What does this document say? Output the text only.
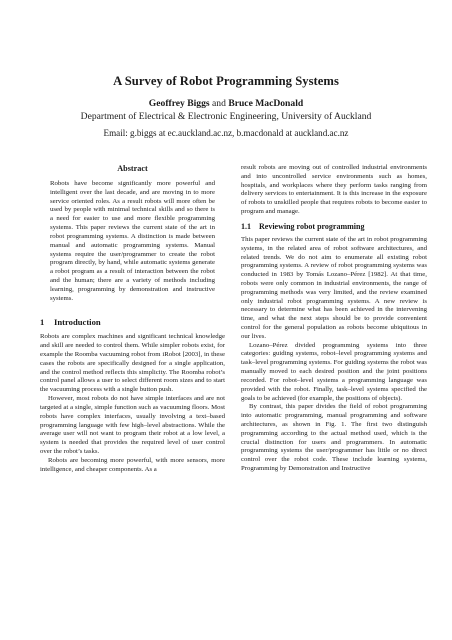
A Survey of Robot Programming Systems
Geoffrey Biggs and Bruce MacDonald
Department of Electrical & Electronic Engineering, University of Auckland
Email: g.biggs at ec.auckland.ac.nz, b.macdonald at auckland.ac.nz
Abstract

Robots have become significantly more powerful and intelligent over the last decade, and are moving in to more service oriented roles. As a result robots will more often be used by people with minimal technical skills and so there is a need for easier to use and more flexible programming systems. This paper reviews the current state of the art in robot programming systems. A distinction is made between manual and automatic programming systems. Manual systems require the user/programmer to create the robot program directly, by hand, while automatic systems generate a robot program as a result of interaction between the robot and the human; there are a variety of methods including learning, programming by demonstration and instructive systems.

1 Introduction

Robots are complex machines and significant technical knowledge and skill are needed to control them. While simpler robots exist, for example the Roomba vacuuming robot from iRobot [2003], in these cases the robots are specifically designed for a single application, and the control method reflects this simplicity. The Roomba robot’s control panel allows a user to select different room sizes and to start the vacuuming process with a single button push.

However, most robots do not have simple interfaces and are not targeted at a single, simple function such as vacuuming floors. Most robots have complex interfaces, usually involving a text–based programming language with few high–level abstractions. While the average user will not want to program their robot at a low level, a system is needed that provides the required level of user control over the robot’s tasks.

Robots are becoming more powerful, with more sensors, more intelligence, and cheaper components. As a

result robots are moving out of controlled industrial environments and into uncontrolled service environments such as homes, hospitals, and workplaces where they perform tasks ranging from delivery services to entertainment. It is this increase in the exposure of robots to unskilled people that requires robots to become easier to program and manage.

1.1 Reviewing robot programming

This paper reviews the current state of the art in robot programming systems, in the related area of robot software architectures, and related trends. We do not aim to enumerate all existing robot programming systems. A review of robot programming systems was conducted in 1983 by Tomás Lozano–Pérez [1982]. At that time, robots were only common in industrial environments, the range of programming methods was very limited, and the review examined only industrial robot programming systems. A new review is necessary to determine what has been achieved in the intervening time, and what the next steps should be to provide convenient control for the general population as robots become ubiquitous in our lives.

Lozano–Pérez divided programming systems into three categories: guiding systems, robot–level programming systems and task–level programming systems. For guiding systems the robot was manually moved to each desired position and the joint positions recorded. For robot–level systems a programming language was provided with the robot. Finally, task–level systems specified the goals to be achieved (for example, the positions of objects).

By contrast, this paper divides the field of robot programming into automatic programming, manual programming and software architectures, as shown in Fig. 1. The first two distinguish programming according to the actual method used, which is the crucial distinction for users and programmers. In automatic programming systems the user/programmer has little or no direct control over the robot code. These include learning systems, Programming by Demonstration and Instructive
